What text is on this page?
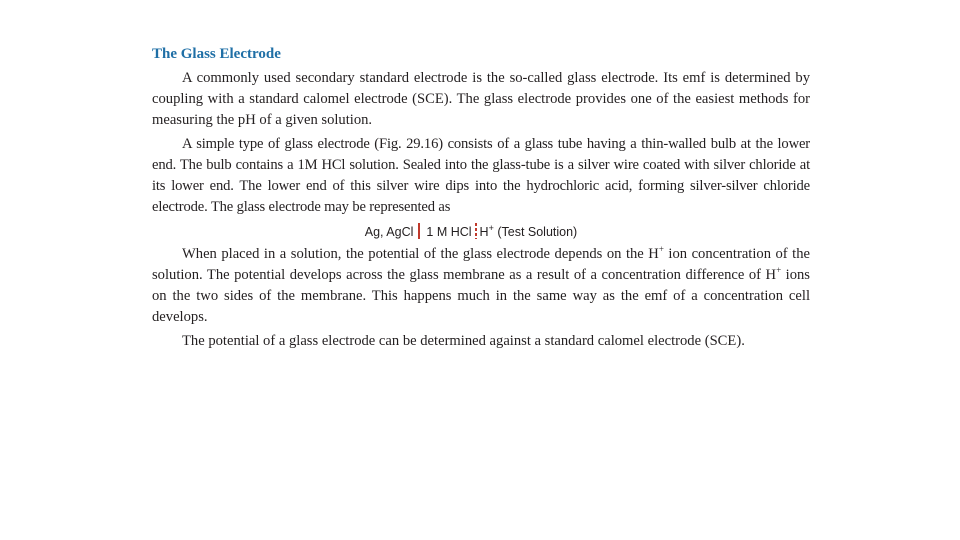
The Glass Electrode

A commonly used secondary standard electrode is the so-called glass electrode. Its emf is determined by coupling with a standard calomel electrode (SCE). The glass electrode provides one of the easiest methods for measuring the pH of a given solution.

A simple type of glass electrode (Fig. 29.16) consists of a glass tube having a thin-walled bulb at the lower end. The bulb contains a 1M HCl solution. Sealed into the glass-tube is a silver wire coated with silver chloride at its lower end. The lower end of this silver wire dips into the hydrochloric acid, forming silver-silver chloride electrode. The glass electrode may be represented as

Ag, AgCl 1 M HCl H+ (Test Solution)

When placed in a solution, the potential of the glass electrode depends on the H+ ion concentration of the solution. The potential develops across the glass membrane as a result of a concentration difference of H+ ions on the two sides of the membrane. This happens much in the same way as the emf of a concentration cell develops.

The potential of a glass electrode can be determined against a standard calomel electrode (SCE).
